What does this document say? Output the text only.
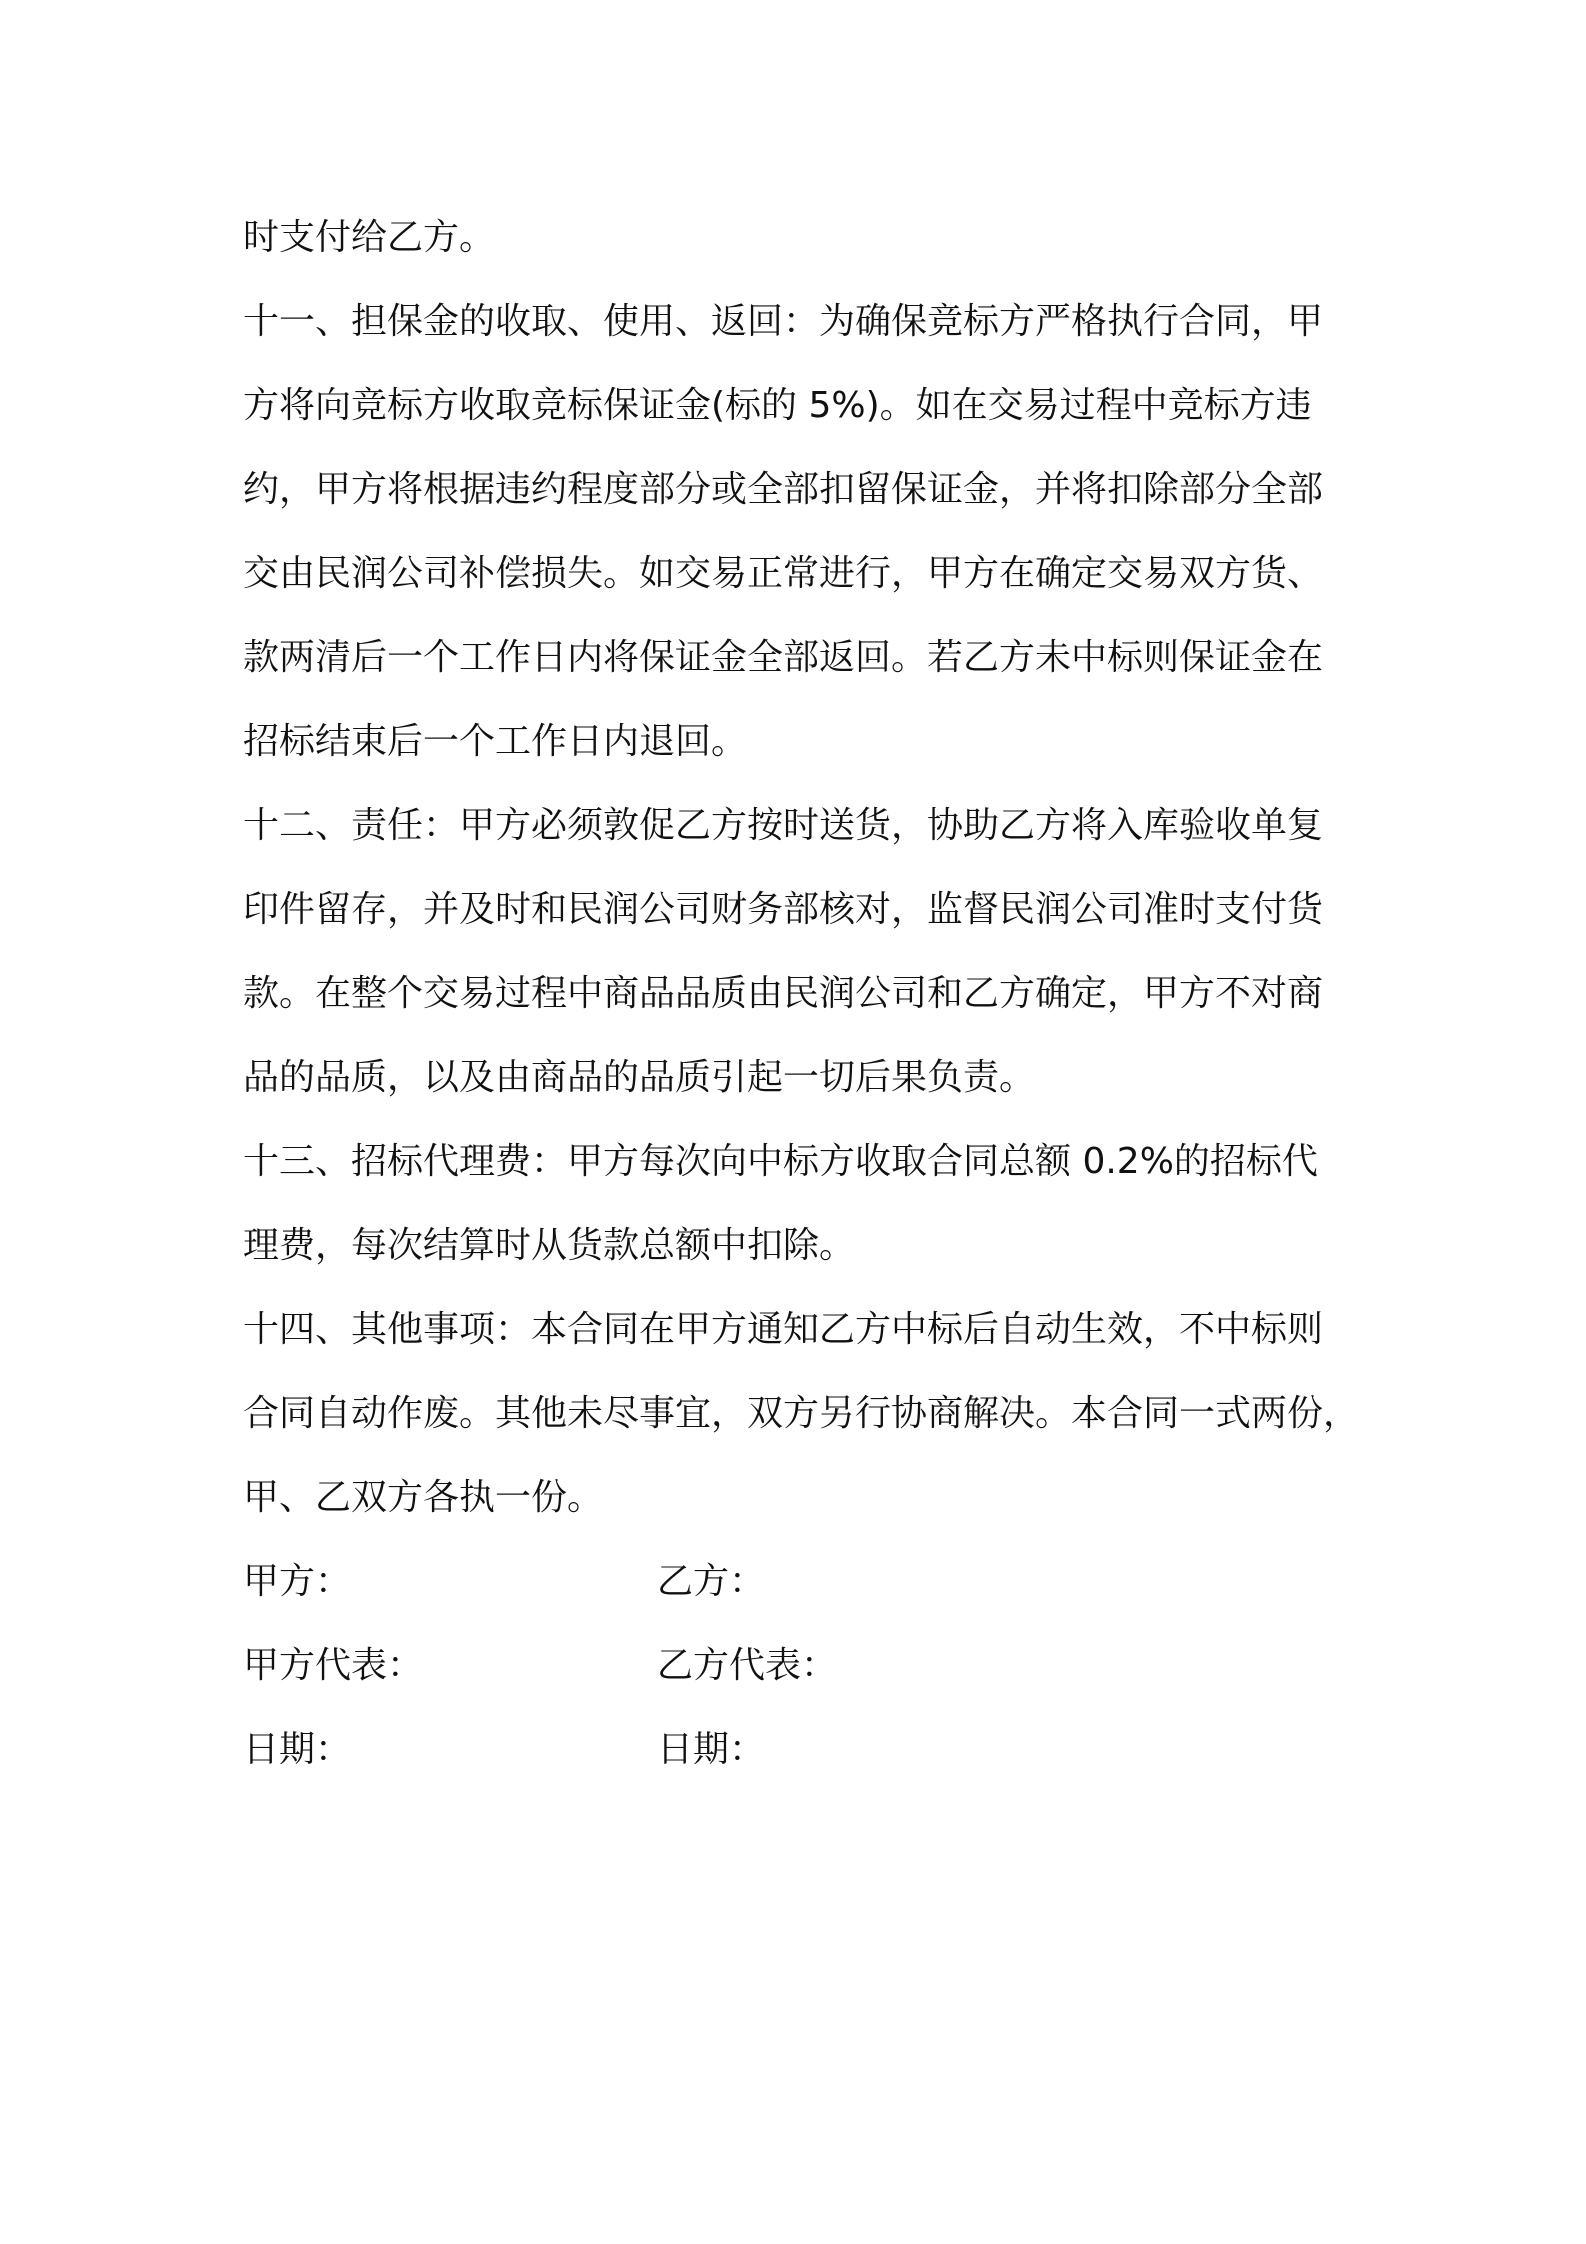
时支付给乙方。
十一、担保金的收取、使用、返回：为确保竞标方严格执行合同，甲
方将向竞标方收取竞标保证金(标的 5%)。如在交易过程中竞标方违
约，甲方将根据违约程度部分或全部扣留保证金，并将扣除部分全部
交由民润公司补偿损失。如交易正常进行，甲方在确定交易双方货、
款两清后一个工作日内将保证金全部返回。若乙方未中标则保证金在
招标结束后一个工作日内退回。
十二、责任：甲方必须敦促乙方按时送货，协助乙方将入库验收单复
印件留存，并及时和民润公司财务部核对，监督民润公司准时支付货
款。在整个交易过程中商品品质由民润公司和乙方确定，甲方不对商
品的品质，以及由商品的品质引起一切后果负责。
十三、招标代理费：甲方每次向中标方收取合同总额 0.2%的招标代
理费，每次结算时从货款总额中扣除。
十四、其他事项：本合同在甲方通知乙方中标后自动生效，不中标则
合同自动作废。其他未尽事宜，双方另行协商解决。本合同一式两份，
甲、乙双方各执一份。
甲方：	乙方：
甲方代表：	乙方代表：
日期：	日期：
